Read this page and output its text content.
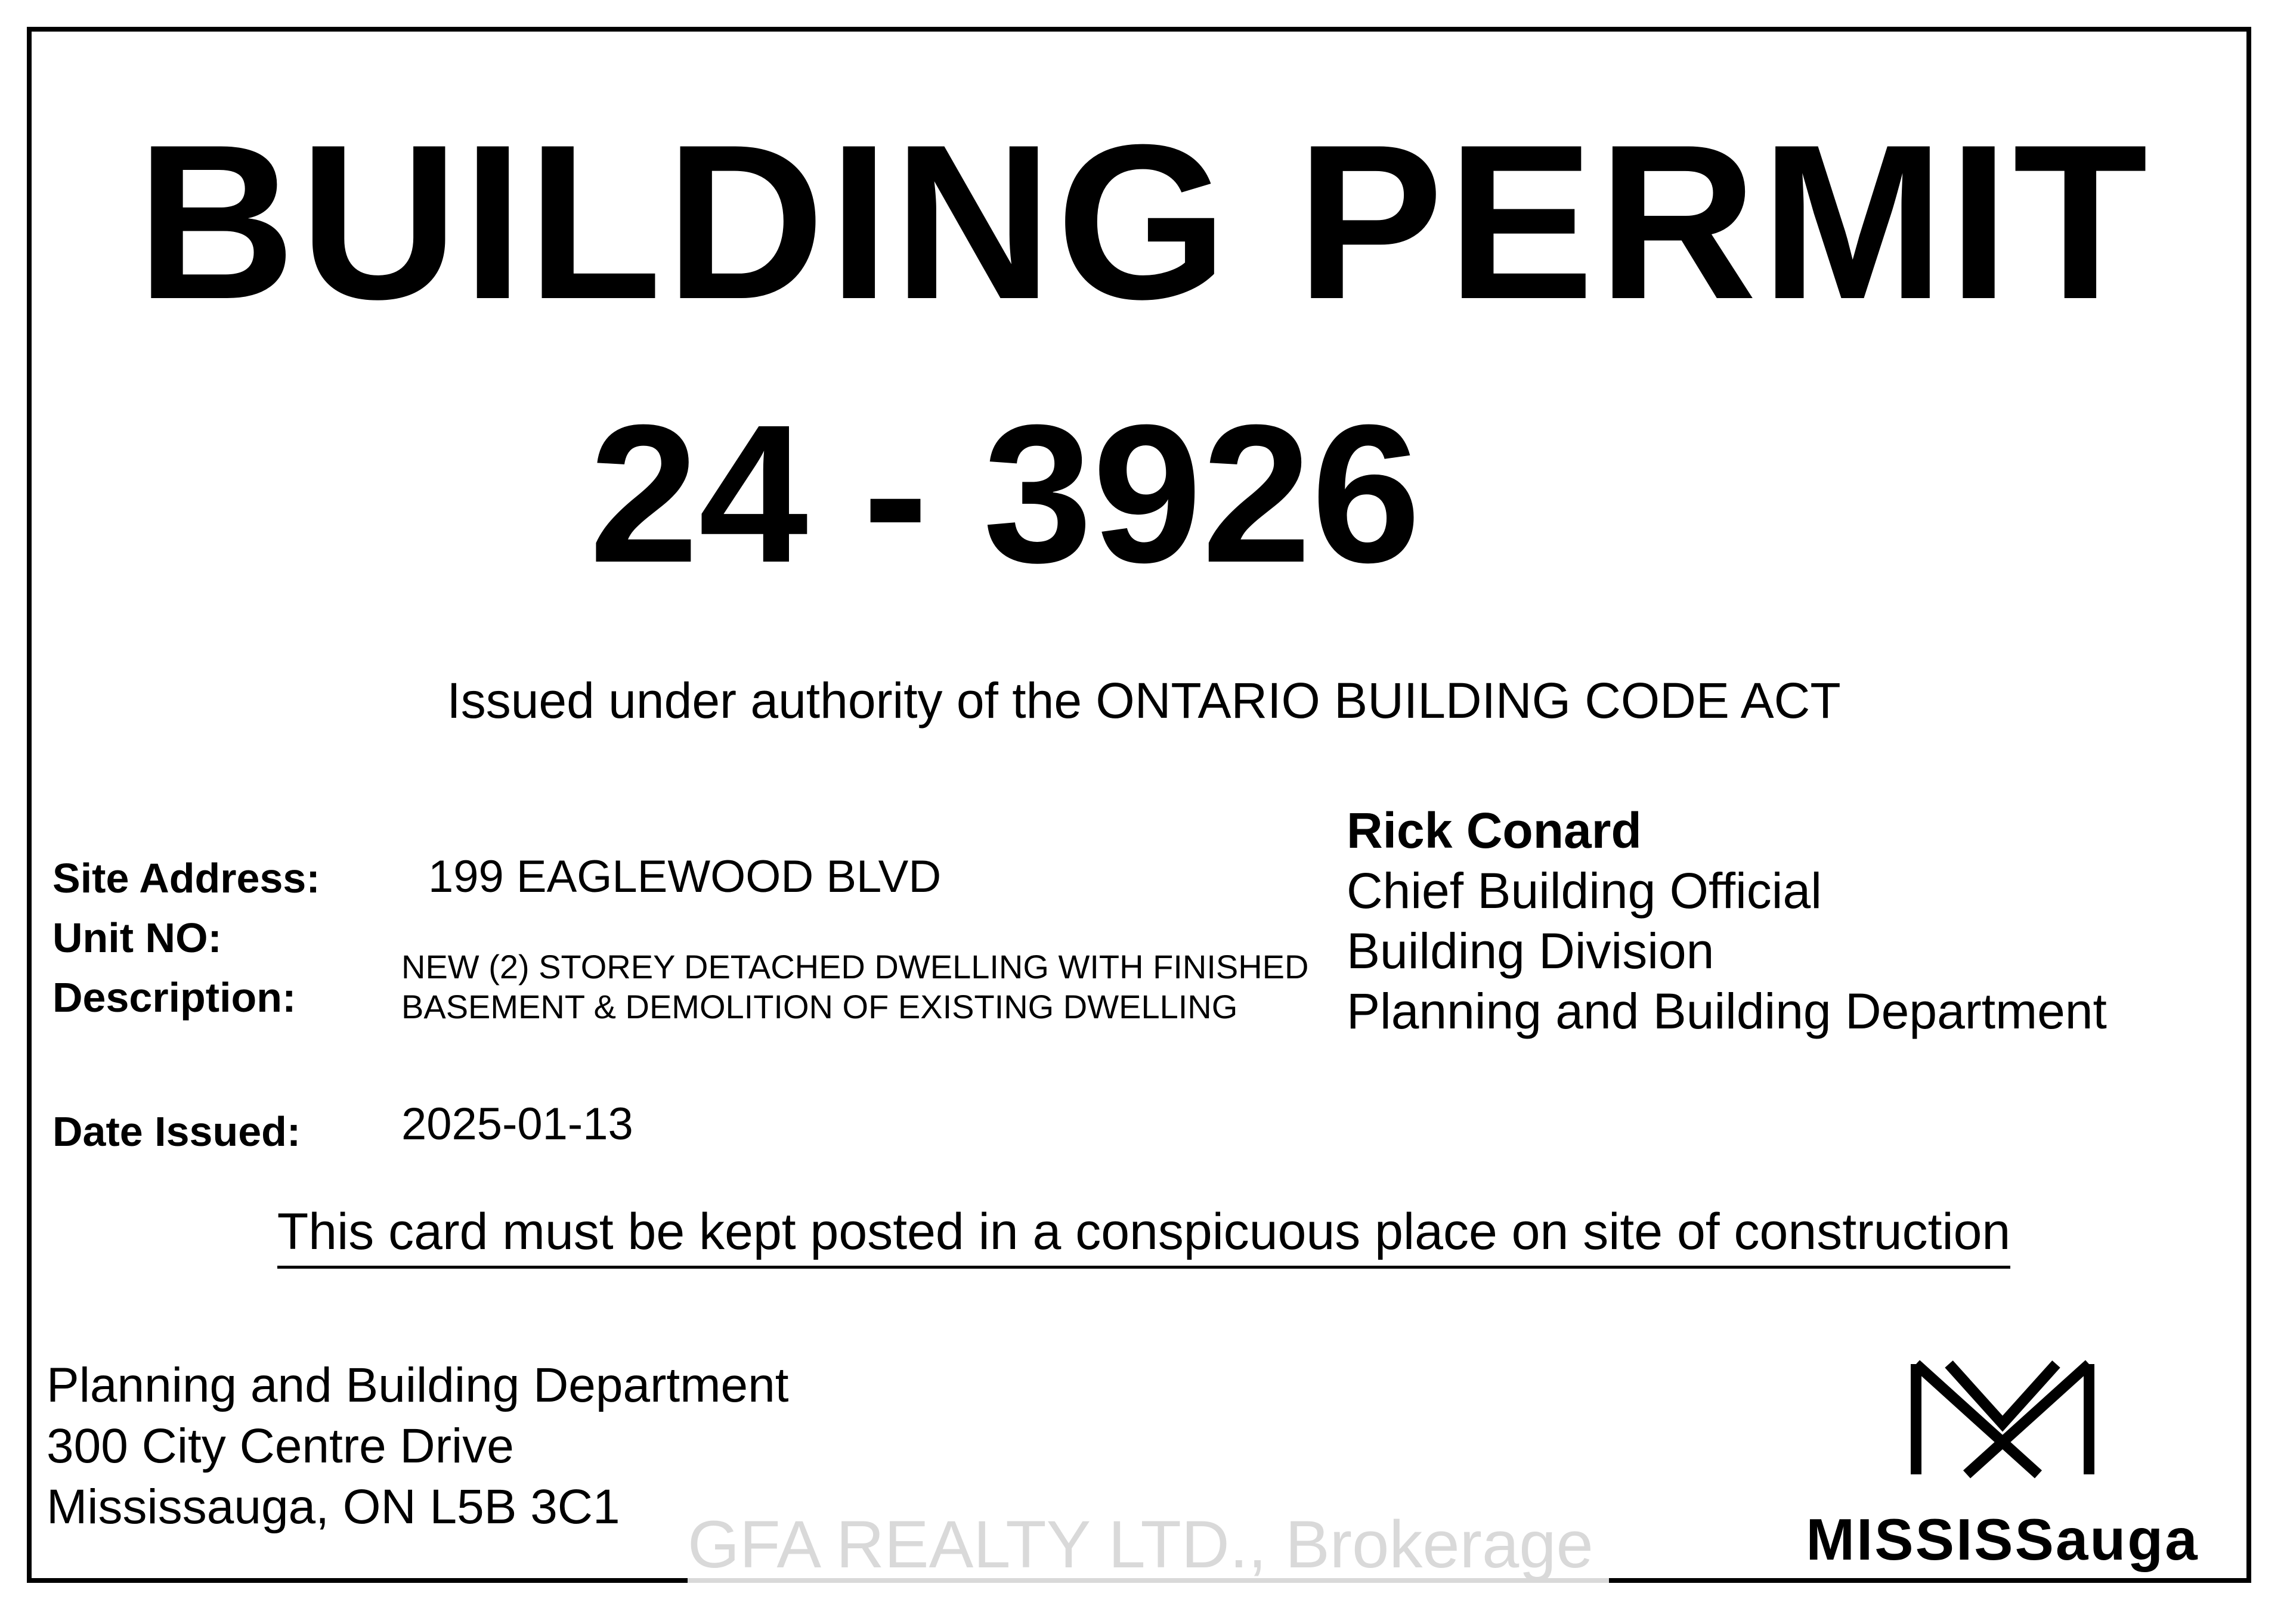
BUILDING PERMIT
24 - 3926
Issued under authority of the ONTARIO BUILDING CODE ACT
Site Address: 199 EAGLEWOOD BLVD
Unit NO:
Description:
NEW (2) STOREY DETACHED DWELLING WITH FINISHED BASEMENT & DEMOLITION OF EXISTING DWELLING
Date Issued: 2025-01-13
Rick Conard
Chief Building Official
Building Division
Planning and Building Department
This card must be kept posted in a conspicuous place on site of construction
Planning and Building Department
300 City Centre Drive
Mississauga, ON L5B 3C1	MISSISSauga
GFA REALTY LTD., Brokerage
